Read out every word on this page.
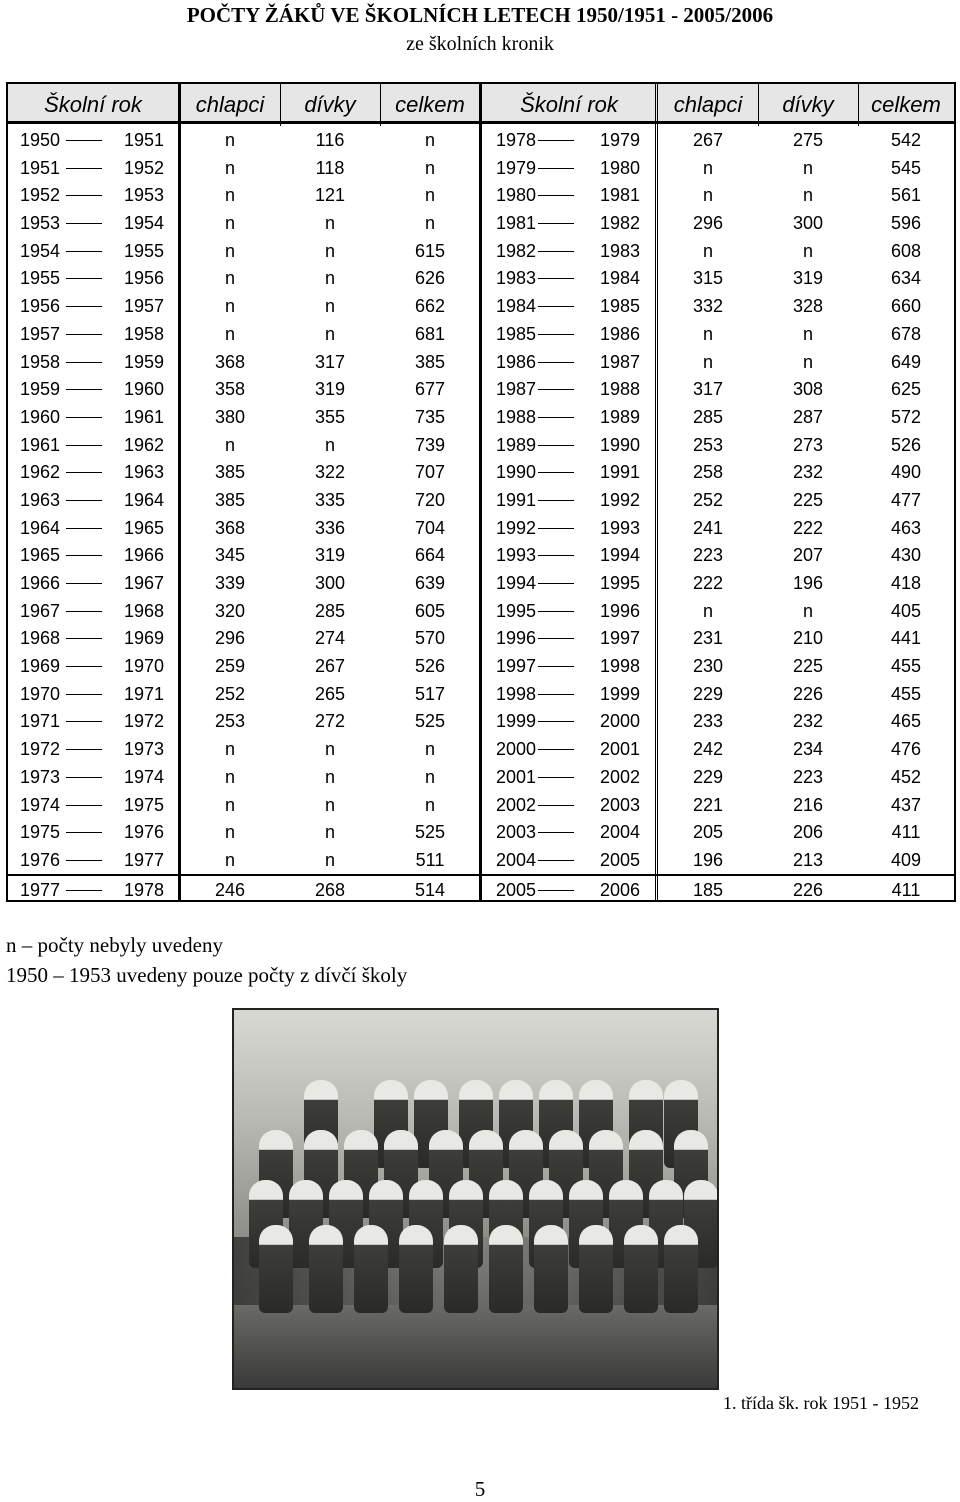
POČTY ŽÁKŮ VE ŠKOLNÍCH LETECH 1950/1951 - 2005/2006
ze školních kronik
Školní rok	chlapci	dívky	celkem	Školní rok	chlapci	dívky	celkem
1950	1951	n	116	n	1978	1979	267	275	542
1951	1952	n	118	n	1979	1980	n	n	545
1952	1953	n	121	n	1980	1981	n	n	561
1953	1954	n	n	n	1981	1982	296	300	596
1954	1955	n	n	615	1982	1983	n	n	608
1955	1956	n	n	626	1983	1984	315	319	634
1956	1957	n	n	662	1984	1985	332	328	660
1957	1958	n	n	681	1985	1986	n	n	678
1958	1959	368	317	385	1986	1987	n	n	649
1959	1960	358	319	677	1987	1988	317	308	625
1960	1961	380	355	735	1988	1989	285	287	572
1961	1962	n	n	739	1989	1990	253	273	526
1962	1963	385	322	707	1990	1991	258	232	490
1963	1964	385	335	720	1991	1992	252	225	477
1964	1965	368	336	704	1992	1993	241	222	463
1965	1966	345	319	664	1993	1994	223	207	430
1966	1967	339	300	639	1994	1995	222	196	418
1967	1968	320	285	605	1995	1996	n	n	405
1968	1969	296	274	570	1996	1997	231	210	441
1969	1970	259	267	526	1997	1998	230	225	455
1970	1971	252	265	517	1998	1999	229	226	455
1971	1972	253	272	525	1999	2000	233	232	465
1972	1973	n	n	n	2000	2001	242	234	476
1973	1974	n	n	n	2001	2002	229	223	452
1974	1975	n	n	n	2002	2003	221	216	437
1975	1976	n	n	525	2003	2004	205	206	411
1976	1977	n	n	511	2004	2005	196	213	409
1977	1978	246	268	514	2005	2006	185	226	411
n – počty nebyly uvedeny
1950 – 1953 uvedeny pouze počty z dívčí školy
1. třída šk. rok 1951 - 1952
5
